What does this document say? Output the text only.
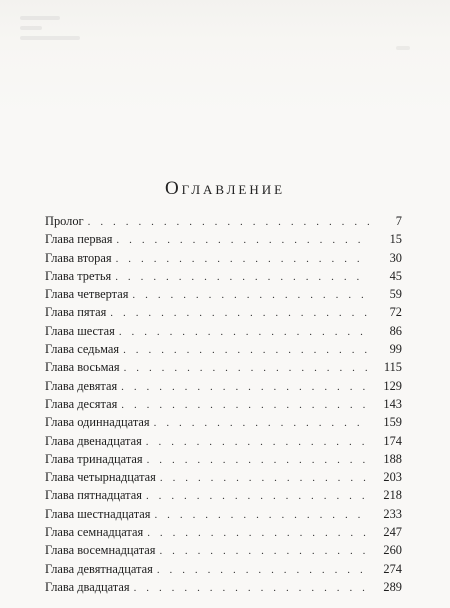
Оглавление
Пролог . . .	7
Глава первая . . .	15
Глава вторая . . .	30
Глава третья . . .	45
Глава четвертая . . .	59
Глава пятая . . .	72
Глава шестая . . .	86
Глава седьмая . . .	99
Глава восьмая . . .	115
Глава девятая . . .	129
Глава десятая . . .	143
Глава одиннадцатая . . .	159
Глава двенадцатая . . .	174
Глава тринадцатая . . .	188
Глава четырнадцатая . . .	203
Глава пятнадцатая . . .	218
Глава шестнадцатая . . .	233
Глава семнадцатая . . .	247
Глава восемнадцатая . . .	260
Глава девятнадцатая . . .	274
Глава двадцатая . . .	289
